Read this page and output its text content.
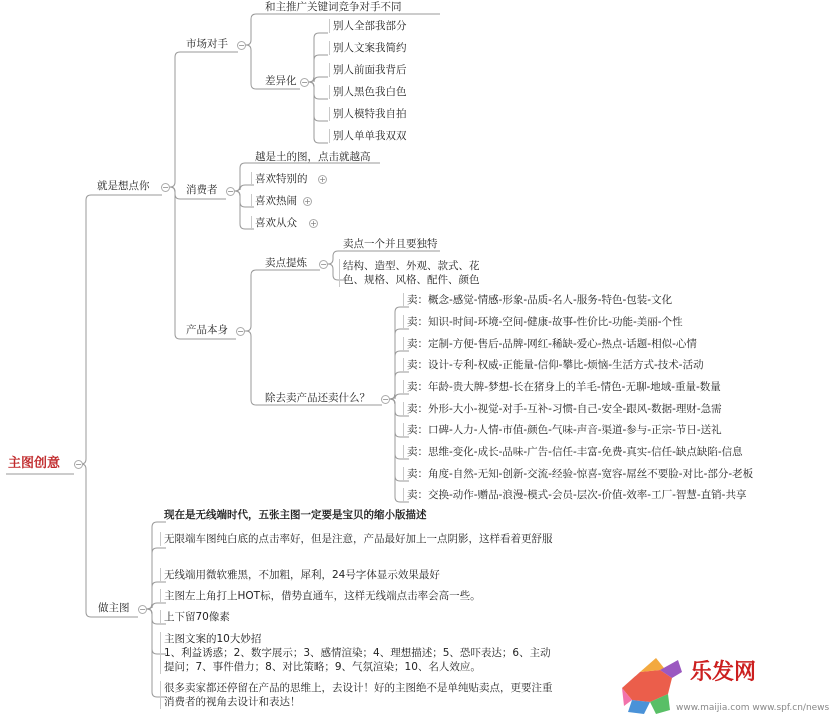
主图创意
就是想点你
市场对手
和主推广关键词竞争对手不同
差异化
别人全部我部分
别人文案我简约
别人前面我背后
别人黑色我白色
别人模特我自拍
别人单单我双双
消费者
越是土的图，点击就越高
喜欢特别的
喜欢热闹
喜欢从众
+
+
+
产品本身
卖点提炼
卖点一个并且要独特
结构、造型、外观、款式、花色、规格、风格、配件、颜色
除去卖产品还卖什么？
卖：概念-感觉-情感-形象-品质-名人-服务-特色-包装-文化
卖：知识-时间-环境-空间-健康-故事-性价比-功能-美丽-个性
卖：定制-方便-售后-品牌-网红-稀缺-爱心-热点-话题-相似-心情
卖：设计-专利-权威-正能量-信仰-攀比-烦恼-生活方式-技术-活动
卖：年龄-贵大牌-梦想-长在猪身上的羊毛-情色-无聊-地域-重量-数量
卖：外形-大小-视觉-对手-互补-习惯-自己-安全-跟风-数据-理财-急需
卖：口碑-人力-人情-市值-颜色-气味-声音-渠道-参与-正宗-节日-送礼
卖：思维-变化-成长-品味-广告-信任-丰富-免费-真实-信任-缺点缺陷-信息
卖：角度-自然-无知-创新-交流-经验-惊喜-宽容-屌丝不要脸-对比-部分-老板
卖：交换-动作-赠品-浪漫-模式-会员-层次-价值-效率-工厂-智慧-直销-共享
做主图
现在是无线端时代，五张主图一定要是宝贝的缩小版描述
无限端车图纯白底的点击率好，但是注意，产品最好加上一点阴影，这样看着更舒服
无线端用微软雅黑，不加粗，犀利，24号字体显示效果最好
主图左上角打上HOT标，借势直通车，这样无线端点击率会高一些。
上下留70像素
主图文案的10大妙招
1、利益诱惑；2、数字展示；3、感情渲染；4、理想描述；5、恐吓表达；6、主动提问；7、事件借力；8、对比策略；9、气氛渲染；10、名人效应。
很多卖家都还停留在产品的思维上，去设计！好的主图绝不是单纯贴卖点，更要注重消费者的视角去设计和表达！
−
−
−
−
−
−
−
−
−
乐发网
www.maijia.com www.spf.cn/news
